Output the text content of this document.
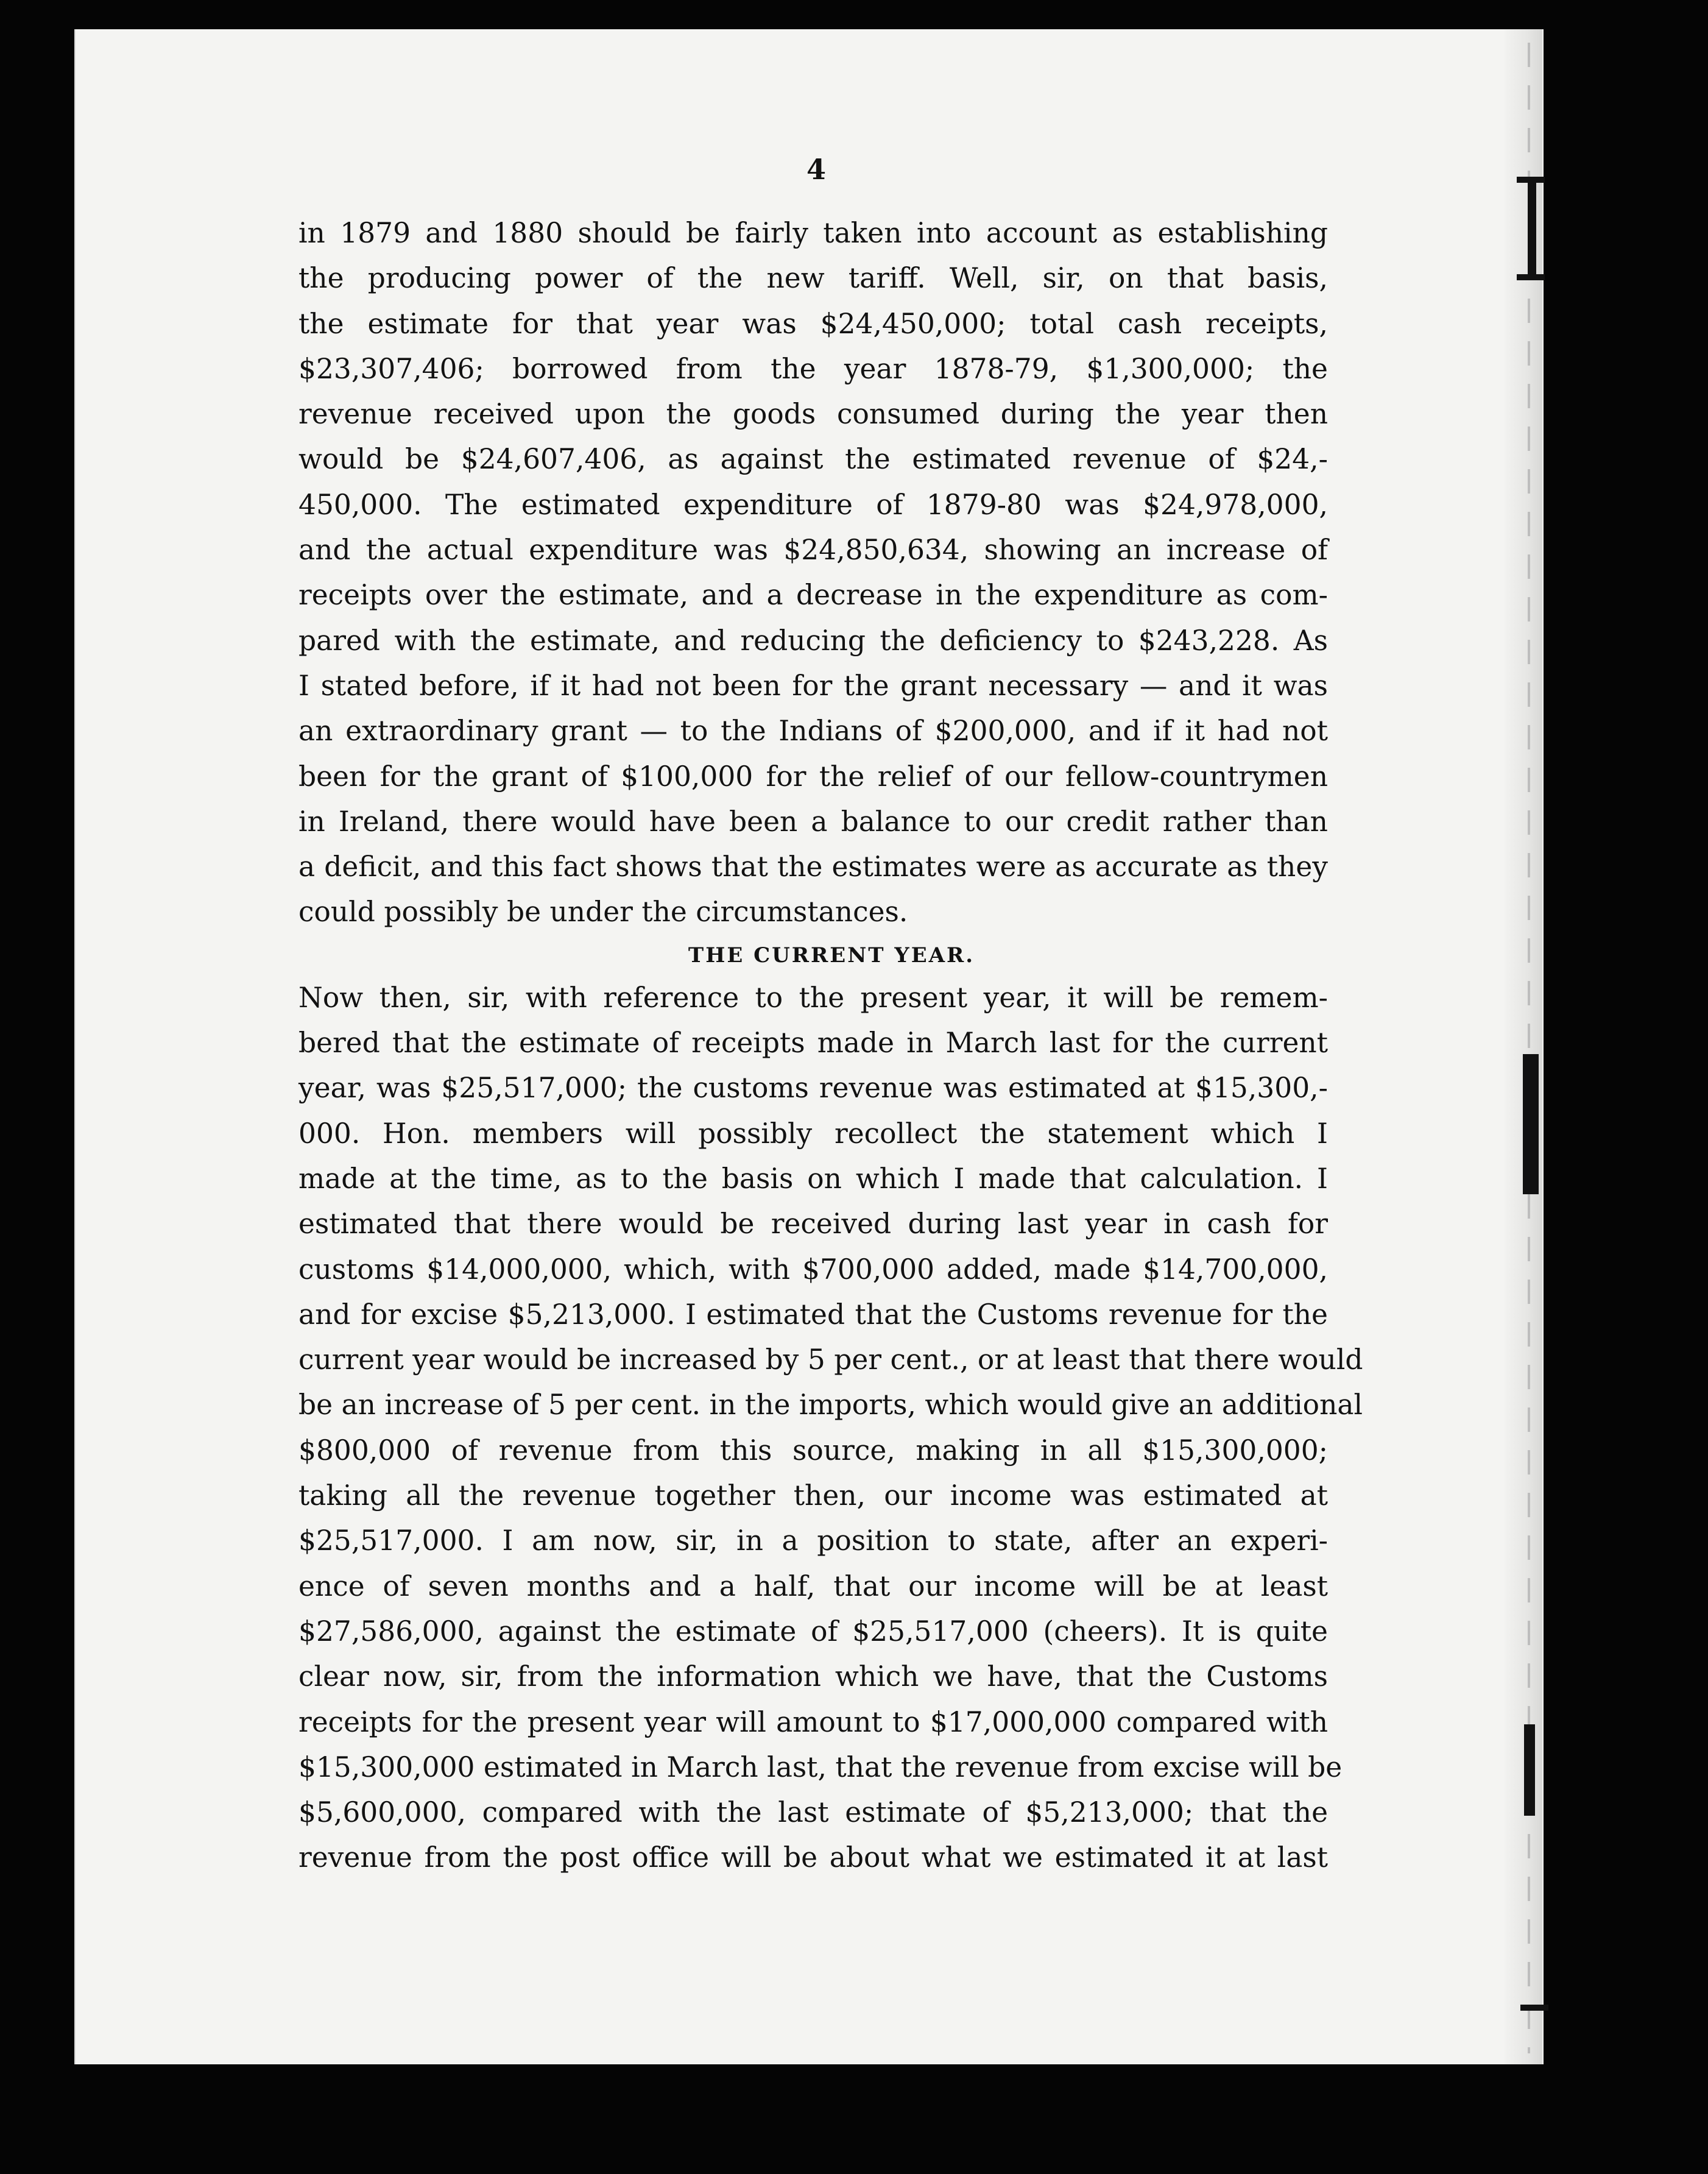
4
in 1879 and 1880 should be fairly taken into account as establishing
the producing power of the new tariff. Well, sir, on that basis,
the estimate for that year was $24,450,000; total cash receipts,
$23,307,406; borrowed from the year 1878-79, $1,300,000; the
revenue received upon the goods consumed during the year then
would be $24,607,406, as against the estimated revenue of $24,-
450,000. The estimated expenditure of 1879-80 was $24,978,000,
and the actual expenditure was $24,850,634, showing an increase of
receipts over the estimate, and a decrease in the expenditure as com-
pared with the estimate, and reducing the deficiency to $243,228. As
I stated before, if it had not been for the grant necessary — and it was
an extraordinary grant — to the Indians of $200,000, and if it had not
been for the grant of $100,000 for the relief of our fellow-countrymen
in Ireland, there would have been a balance to our credit rather than
a deficit, and this fact shows that the estimates were as accurate as they
could possibly be under the circumstances.
THE CURRENT YEAR.
Now then, sir, with reference to the present year, it will be remem-
bered that the estimate of receipts made in March last for the current
year, was $25,517,000; the customs revenue was estimated at $15,300,-
000. Hon. members will possibly recollect the statement which I
made at the time, as to the basis on which I made that calculation. I
estimated that there would be received during last year in cash for
customs $14,000,000, which, with $700,000 added, made $14,700,000,
and for excise $5,213,000. I estimated that the Customs revenue for the
current year would be increased by 5 per cent., or at least that there would
be an increase of 5 per cent. in the imports, which would give an additional
$800,000 of revenue from this source, making in all $15,300,000;
taking all the revenue together then, our income was estimated at
$25,517,000. I am now, sir, in a position to state, after an experi-
ence of seven months and a half, that our income will be at least
$27,586,000, against the estimate of $25,517,000 (cheers). It is quite
clear now, sir, from the information which we have, that the Customs
receipts for the present year will amount to $17,000,000 compared with
$15,300,000 estimated in March last, that the revenue from excise will be
$5,600,000, compared with the last estimate of $5,213,000; that the
revenue from the post office will be about what we estimated it at last
